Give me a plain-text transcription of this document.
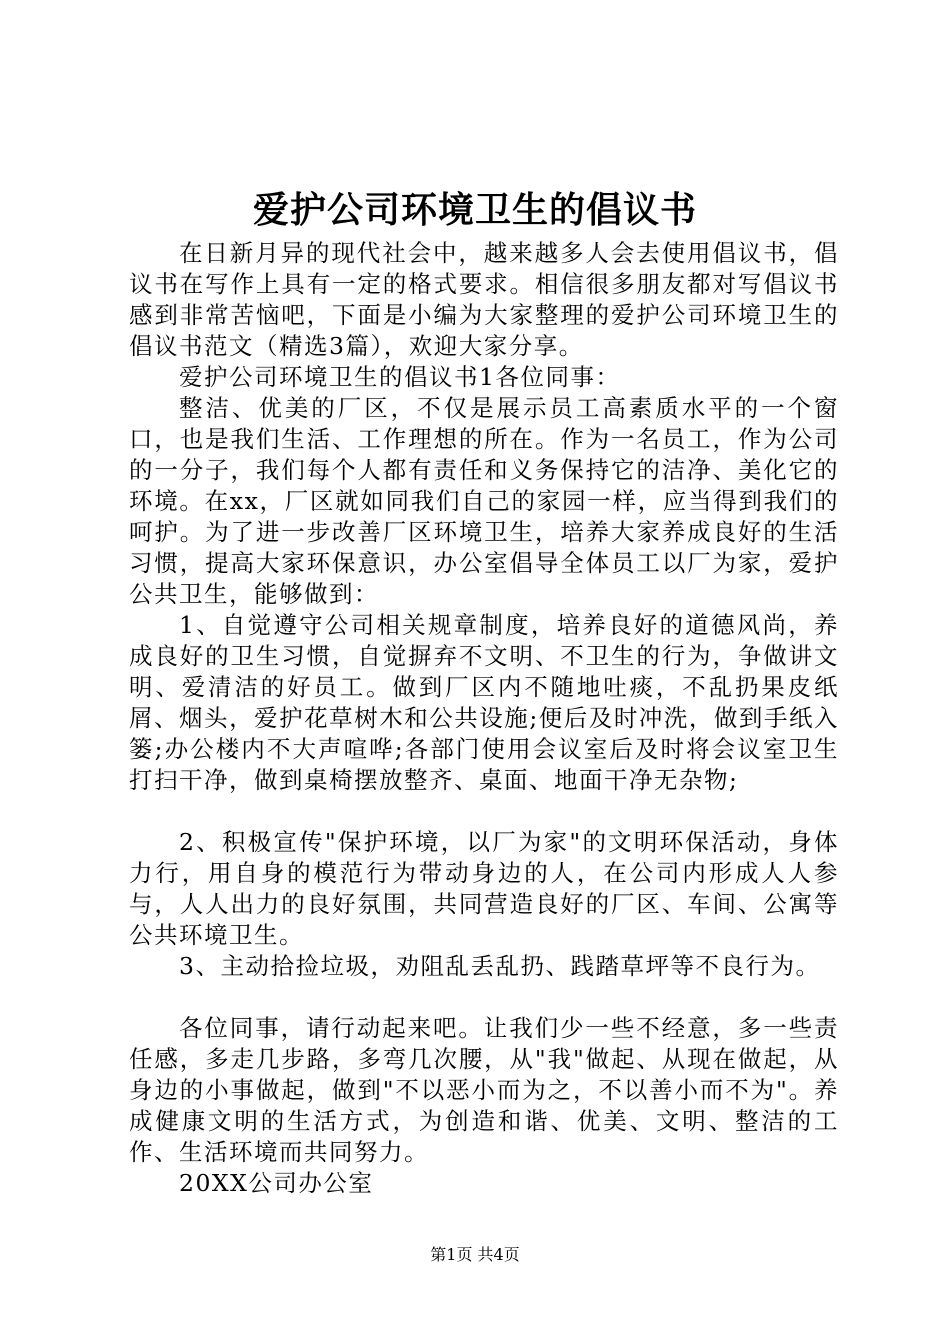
爱护公司环境卫生的倡议书

在日新月异的现代社会中，越来越多人会去使用倡议书，倡议书在写作上具有一定的格式要求。相信很多朋友都对写倡议书感到非常苦恼吧，下面是小编为大家整理的爱护公司环境卫生的倡议书范文（精选3篇），欢迎大家分享。

爱护公司环境卫生的倡议书1各位同事：

整洁、优美的厂区，不仅是展示员工高素质水平的一个窗口，也是我们生活、工作理想的所在。作为一名员工，作为公司的一分子，我们每个人都有责任和义务保持它的洁净、美化它的环境。在xx，厂区就如同我们自己的家园一样，应当得到我们的呵护。为了进一步改善厂区环境卫生，培养大家养成良好的生活习惯，提高大家环保意识，办公室倡导全体员工以厂为家，爱护公共卫生，能够做到：

1、自觉遵守公司相关规章制度，培养良好的道德风尚，养成良好的卫生习惯，自觉摒弃不文明、不卫生的行为，争做讲文明、爱清洁的好员工。做到厂区内不随地吐痰，不乱扔果皮纸屑、烟头，爱护花草树木和公共设施;便后及时冲洗，做到手纸入篓;办公楼内不大声喧哗;各部门使用会议室后及时将会议室卫生打扫干净，做到桌椅摆放整齐、桌面、地面干净无杂物;

2、积极宣传"保护环境，以厂为家"的文明环保活动，身体力行，用自身的模范行为带动身边的人，在公司内形成人人参与，人人出力的良好氛围，共同营造良好的厂区、车间、公寓等公共环境卫生。

3、主动拾捡垃圾，劝阻乱丢乱扔、践踏草坪等不良行为。

各位同事，请行动起来吧。让我们少一些不经意，多一些责任感，多走几步路，多弯几次腰，从"我"做起、从现在做起，从身边的小事做起，做到"不以恶小而为之，不以善小而不为"。养成健康文明的生活方式，为创造和谐、优美、文明、整洁的工作、生活环境而共同努力。

20XX公司办公室

第1页 共4页
